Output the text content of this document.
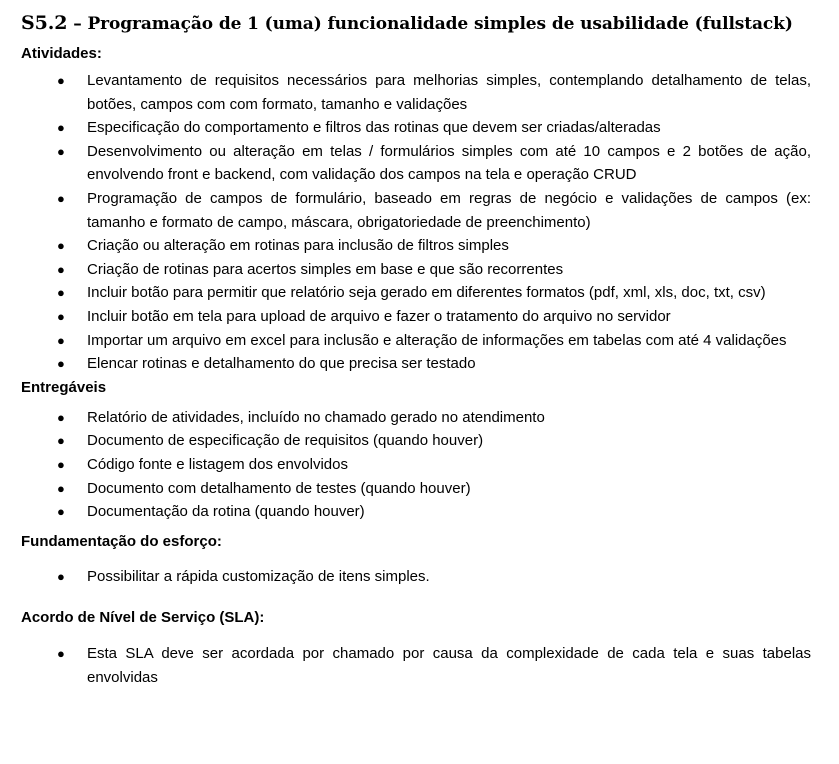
S5.2 – Programação de 1 (uma) funcionalidade simples de usabilidade (fullstack)
Atividades:
● Levantamento de requisitos necessários para melhorias simples, contemplando detalhamento de telas, botões, campos com com formato, tamanho e validações
● Especificação do comportamento e filtros das rotinas que devem ser criadas/alteradas
● Desenvolvimento ou alteração em telas / formulários simples com até 10 campos e 2 botões de ação, envolvendo front e backend, com validação dos campos na tela e operação CRUD
● Programação de campos de formulário, baseado em regras de negócio e validações de campos (ex: tamanho e formato de campo, máscara, obrigatoriedade de preenchimento)
● Criação ou alteração em rotinas para inclusão de filtros simples
● Criação de rotinas para acertos simples em base e que são recorrentes
● Incluir botão para permitir que relatório seja gerado em diferentes formatos (pdf, xml, xls, doc, txt, csv)
● Incluir botão em tela para upload de arquivo e fazer o tratamento do arquivo no servidor
● Importar um arquivo em excel para inclusão e alteração de informações em tabelas com até 4 validações
● Elencar rotinas e detalhamento do que precisa ser testado
Entregáveis
● Relatório de atividades, incluído no chamado gerado no atendimento
● Documento de especificação de requisitos (quando houver)
● Código fonte e listagem dos envolvidos
● Documento com detalhamento de testes (quando houver)
● Documentação da rotina (quando houver)
Fundamentação do esforço:
● Possibilitar a rápida customização de itens simples.
Acordo de Nível de Serviço (SLA):
● Esta SLA deve ser acordada por chamado por causa da complexidade de cada tela e suas tabelas envolvidas
